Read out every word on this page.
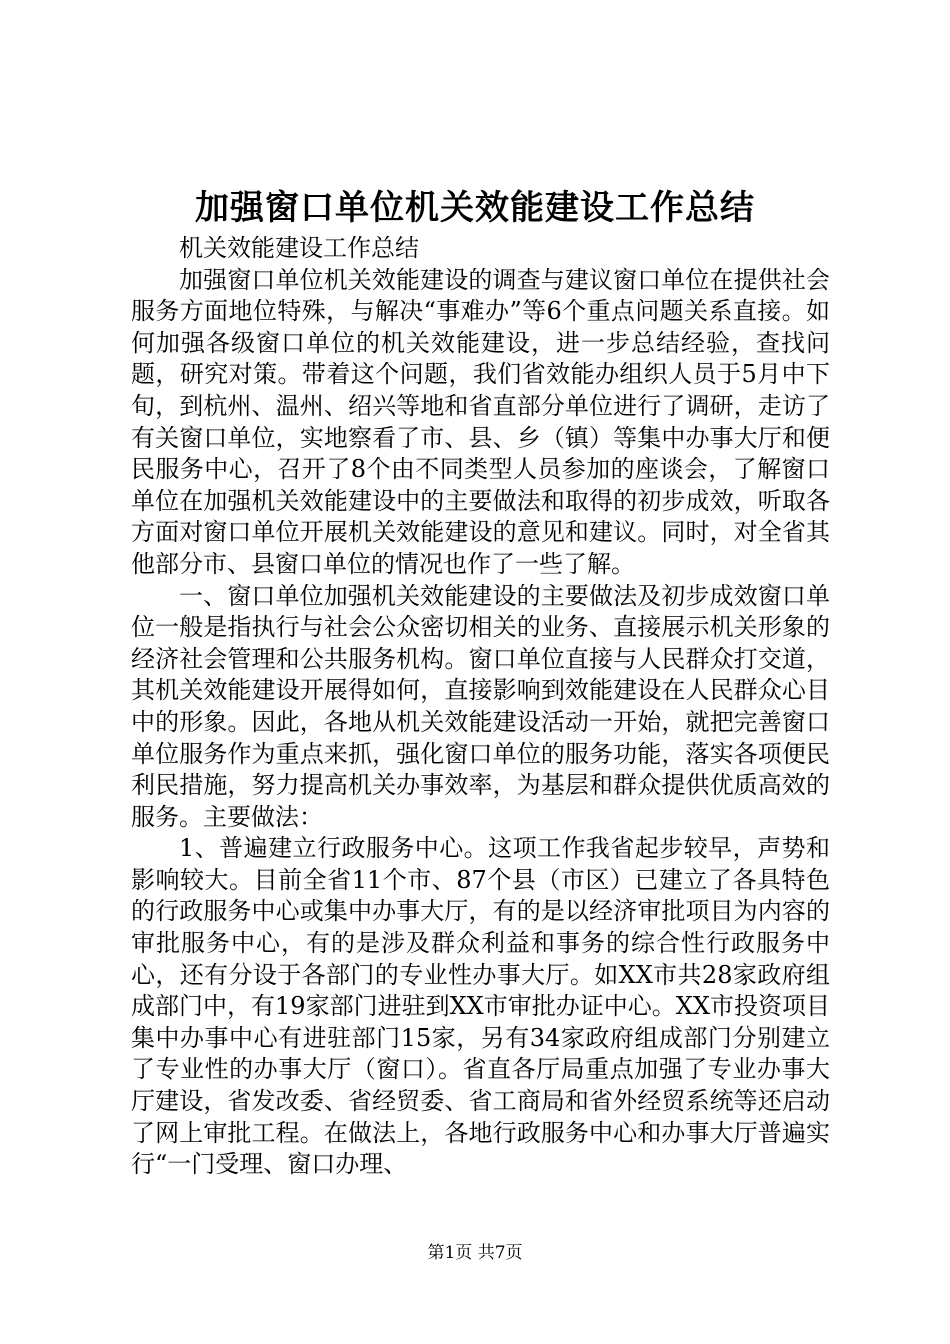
加强窗口单位机关效能建设工作总结

机关效能建设工作总结

加强窗口单位机关效能建设的调查与建议窗口单位在提供社会服务方面地位特殊，与解决“事难办”等6个重点问题关系直接。如何加强各级窗口单位的机关效能建设，进一步总结经验，查找问题，研究对策。带着这个问题，我们省效能办组织人员于5月中下旬，到杭州、温州、绍兴等地和省直部分单位进行了调研，走访了有关窗口单位，实地察看了市、县、乡（镇）等集中办事大厅和便民服务中心，召开了8个由不同类型人员参加的座谈会，了解窗口单位在加强机关效能建设中的主要做法和取得的初步成效，听取各方面对窗口单位开展机关效能建设的意见和建议。同时，对全省其他部分市、县窗口单位的情况也作了一些了解。

一、窗口单位加强机关效能建设的主要做法及初步成效窗口单位一般是指执行与社会公众密切相关的业务、直接展示机关形象的经济社会管理和公共服务机构。窗口单位直接与人民群众打交道，其机关效能建设开展得如何，直接影响到效能建设在人民群众心目中的形象。因此，各地从机关效能建设活动一开始，就把完善窗口单位服务作为重点来抓，强化窗口单位的服务功能，落实各项便民利民措施，努力提高机关办事效率，为基层和群众提供优质高效的服务。主要做法：

1、普遍建立行政服务中心。这项工作我省起步较早，声势和影响较大。目前全省11个市、87个县（市区）已建立了各具特色的行政服务中心或集中办事大厅，有的是以经济审批项目为内容的审批服务中心，有的是涉及群众利益和事务的综合性行政服务中心，还有分设于各部门的专业性办事大厅。如XX市共28家政府组成部门中，有19家部门进驻到XX市审批办证中心。XX市投资项目集中办事中心有进驻部门15家，另有34家政府组成部门分别建立了专业性的办事大厅（窗口）。省直各厅局重点加强了专业办事大厅建设，省发改委、省经贸委、省工商局和省外经贸系统等还启动了网上审批工程。在做法上，各地行政服务中心和办事大厅普遍实行“一门受理、窗口办理、

第1页 共7页
